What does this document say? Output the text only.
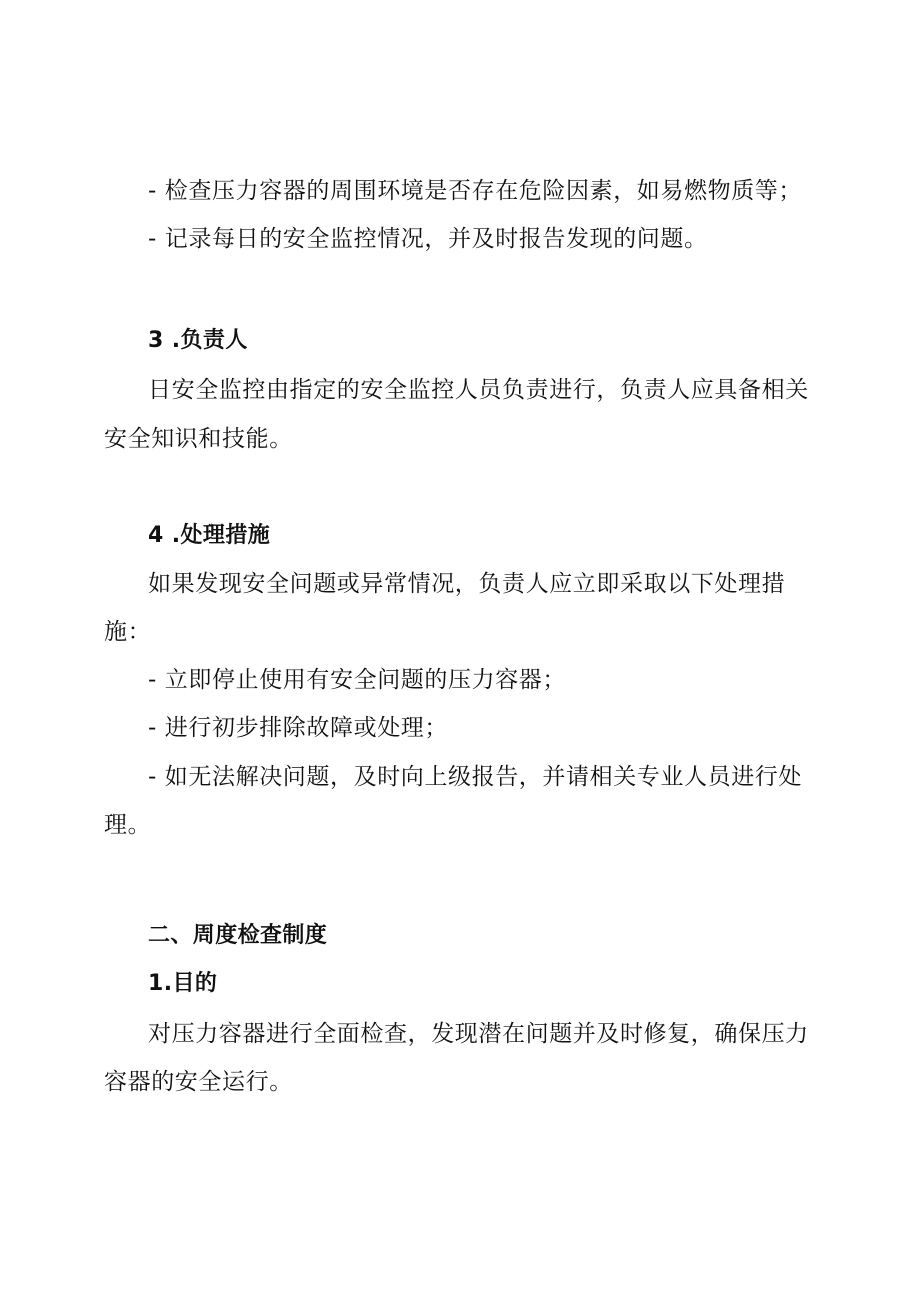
- 检查压力容器的周围环境是否存在危险因素，如易燃物质等；
- 记录每日的安全监控情况，并及时报告发现的问题。
3 .负责人
日安全监控由指定的安全监控人员负责进行，负责人应具备相关
安全知识和技能。
4 .处理措施
如果发现安全问题或异常情况，负责人应立即采取以下处理措
施：
- 立即停止使用有安全问题的压力容器；
- 进行初步排除故障或处理；
- 如无法解决问题，及时向上级报告，并请相关专业人员进行处
理。
二、周度检查制度
1.目的
对压力容器进行全面检查，发现潜在问题并及时修复，确保压力
容器的安全运行。
